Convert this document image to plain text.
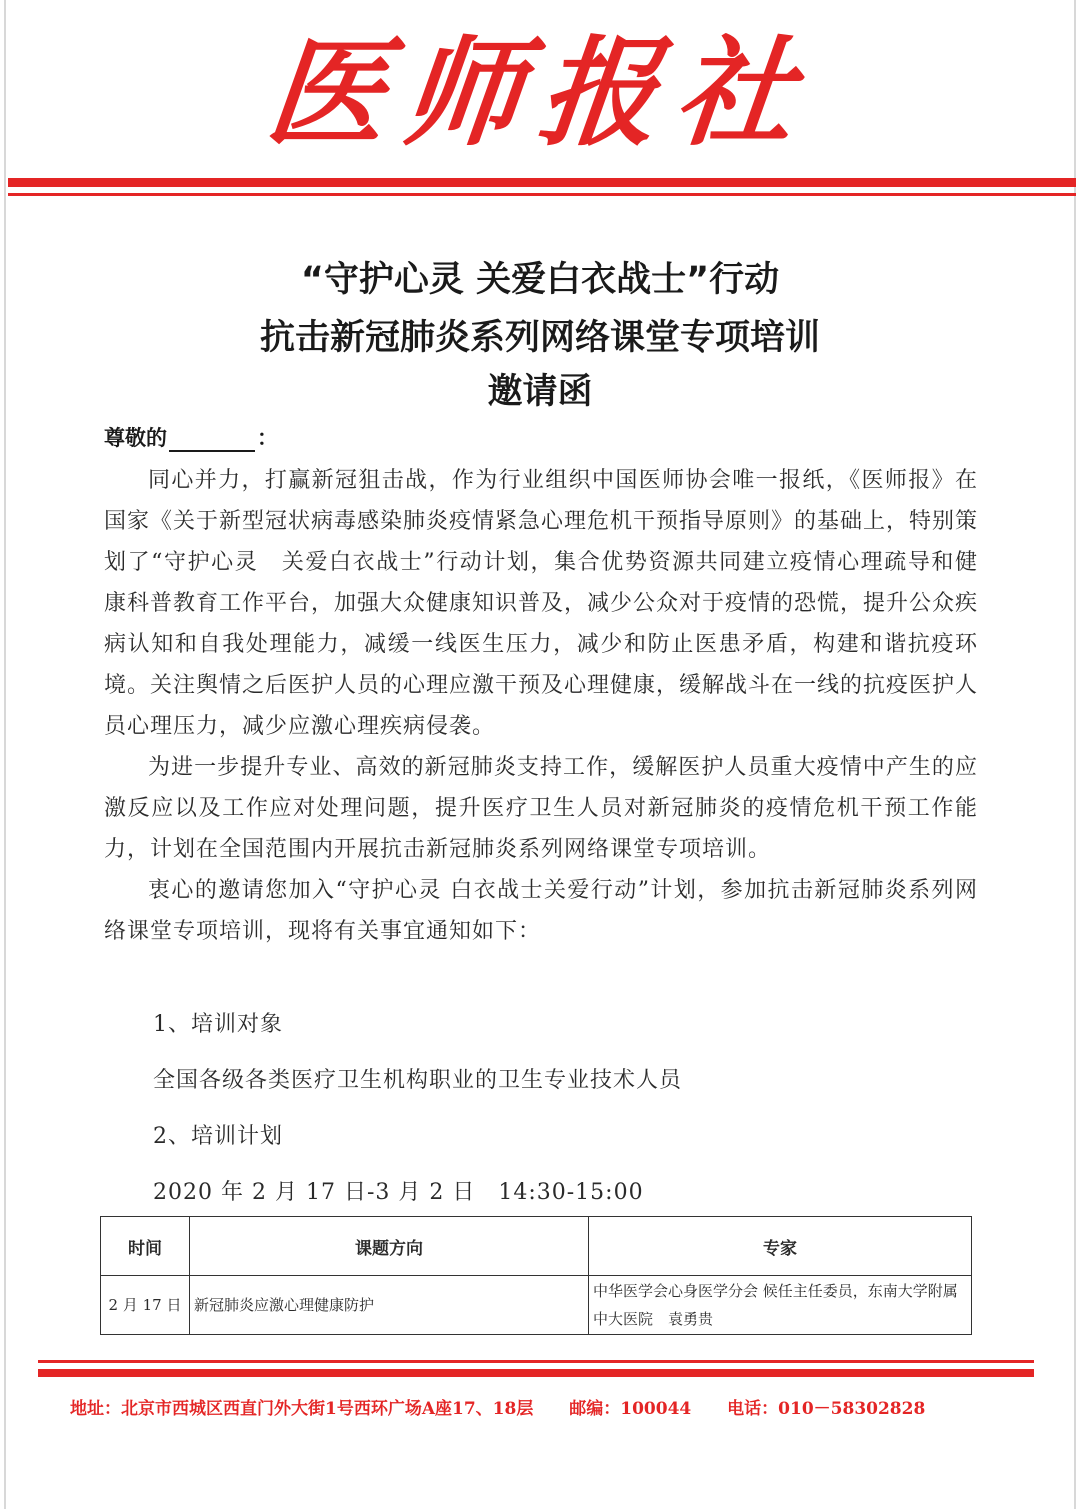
医师报社
“守护心灵 关爱白衣战士”行动
抗击新冠肺炎系列网络课堂专项培训
邀请函
尊敬的	：

同心并力，打赢新冠狙击战，作为行业组织中国医师协会唯一报纸，《医师报》在国家《关于新型冠状病毒感染肺炎疫情紧急心理危机干预指导原则》的基础上，特别策划了“守护心灵　关爱白衣战士”行动计划，集合优势资源共同建立疫情心理疏导和健康科普教育工作平台，加强大众健康知识普及，减少公众对于疫情的恐慌，提升公众疾病认知和自我处理能力，减缓一线医生压力，减少和防止医患矛盾，构建和谐抗疫环境。关注舆情之后医护人员的心理应激干预及心理健康，缓解战斗在一线的抗疫医护人员心理压力，减少应激心理疾病侵袭。

为进一步提升专业、高效的新冠肺炎支持工作，缓解医护人员重大疫情中产生的应激反应以及工作应对处理问题，提升医疗卫生人员对新冠肺炎的疫情危机干预工作能力，计划在全国范围内开展抗击新冠肺炎系列网络课堂专项培训。

衷心的邀请您加入“守护心灵 白衣战士关爱行动”计划，参加抗击新冠肺炎系列网络课堂专项培训，现将有关事宜通知如下：

1、培训对象
全国各级各类医疗卫生机构职业的卫生专业技术人员
2、培训计划
2020 年 2 月 17 日-3 月 2 日　14:30-15:00
时间	课题方向	专家
2 月 17 日	新冠肺炎应激心理健康防护	中华医学会心身医学分会 候任主任委员，东南大学附属中大医院　袁勇贵
地址：北京市西城区西直门外大街1号西环广场A座17、18层 邮编：100044 电话：010－58302828
